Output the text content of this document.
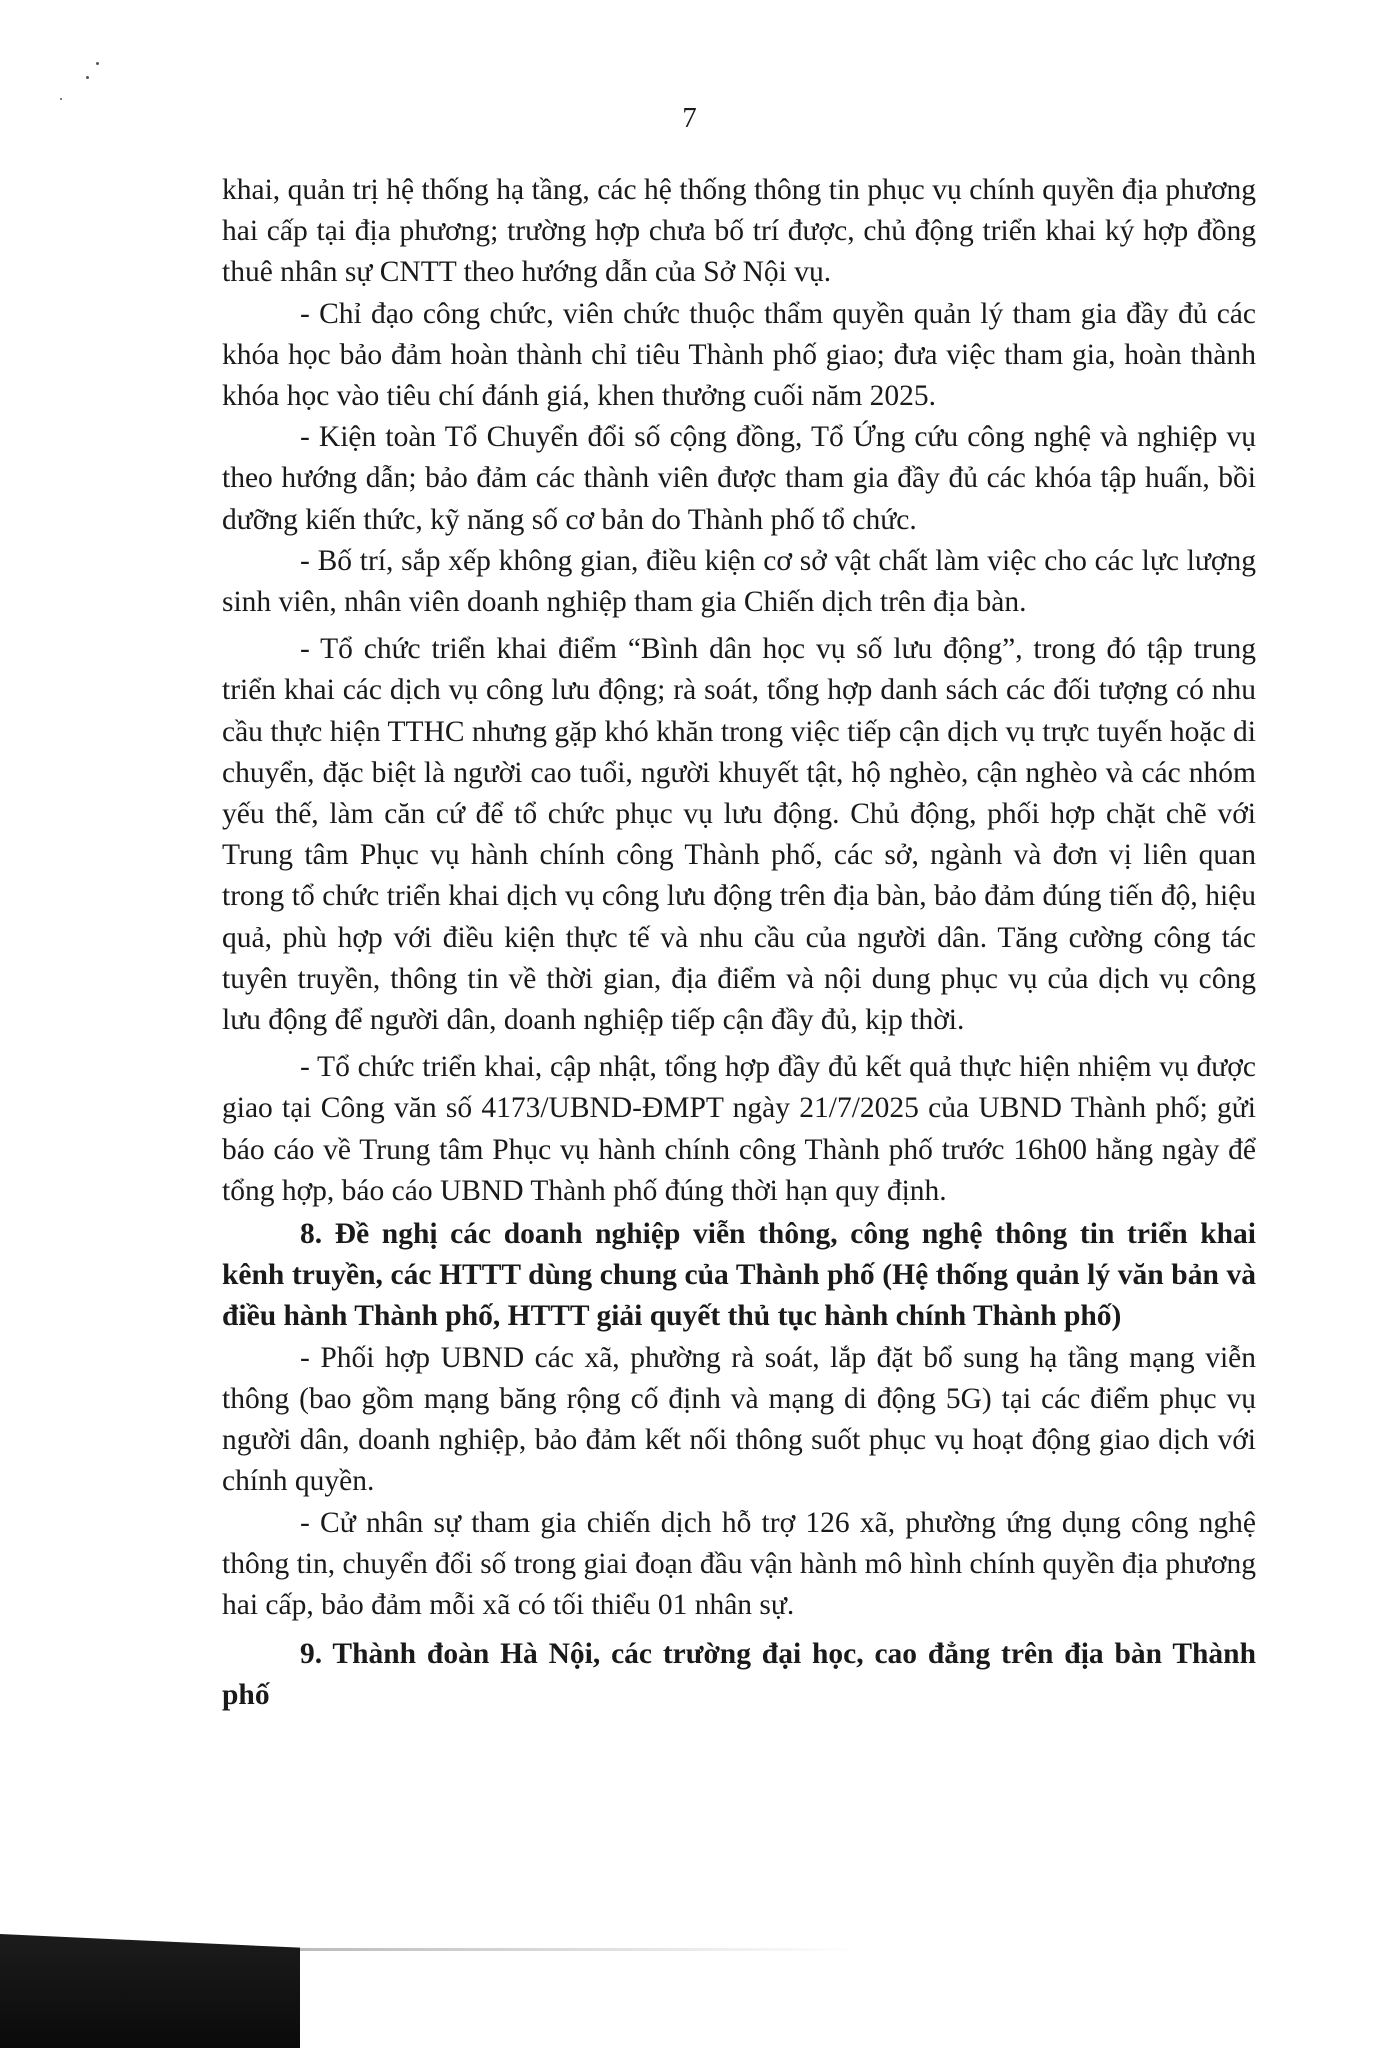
7

khai, quản trị hệ thống hạ tầng, các hệ thống thông tin phục vụ chính quyền địa phương hai cấp tại địa phương; trường hợp chưa bố trí được, chủ động triển khai ký hợp đồng thuê nhân sự CNTT theo hướng dẫn của Sở Nội vụ.

- Chỉ đạo công chức, viên chức thuộc thẩm quyền quản lý tham gia đầy đủ các khóa học bảo đảm hoàn thành chỉ tiêu Thành phố giao; đưa việc tham gia, hoàn thành khóa học vào tiêu chí đánh giá, khen thưởng cuối năm 2025.

- Kiện toàn Tổ Chuyển đổi số cộng đồng, Tổ Ứng cứu công nghệ và nghiệp vụ theo hướng dẫn; bảo đảm các thành viên được tham gia đầy đủ các khóa tập huấn, bồi dưỡng kiến thức, kỹ năng số cơ bản do Thành phố tổ chức.

- Bố trí, sắp xếp không gian, điều kiện cơ sở vật chất làm việc cho các lực lượng sinh viên, nhân viên doanh nghiệp tham gia Chiến dịch trên địa bàn.

- Tổ chức triển khai điểm “Bình dân học vụ số lưu động”, trong đó tập trung triển khai các dịch vụ công lưu động; rà soát, tổng hợp danh sách các đối tượng có nhu cầu thực hiện TTHC nhưng gặp khó khăn trong việc tiếp cận dịch vụ trực tuyến hoặc di chuyển, đặc biệt là người cao tuổi, người khuyết tật, hộ nghèo, cận nghèo và các nhóm yếu thế, làm căn cứ để tổ chức phục vụ lưu động. Chủ động, phối hợp chặt chẽ với Trung tâm Phục vụ hành chính công Thành phố, các sở, ngành và đơn vị liên quan trong tổ chức triển khai dịch vụ công lưu động trên địa bàn, bảo đảm đúng tiến độ, hiệu quả, phù hợp với điều kiện thực tế và nhu cầu của người dân. Tăng cường công tác tuyên truyền, thông tin về thời gian, địa điểm và nội dung phục vụ của dịch vụ công lưu động để người dân, doanh nghiệp tiếp cận đầy đủ, kịp thời.

- Tổ chức triển khai, cập nhật, tổng hợp đầy đủ kết quả thực hiện nhiệm vụ được giao tại Công văn số 4173/UBND-ĐMPT ngày 21/7/2025 của UBND Thành phố; gửi báo cáo về Trung tâm Phục vụ hành chính công Thành phố trước 16h00 hằng ngày để tổng hợp, báo cáo UBND Thành phố đúng thời hạn quy định.

8. Đề nghị các doanh nghiệp viễn thông, công nghệ thông tin triển khai kênh truyền, các HTTT dùng chung của Thành phố (Hệ thống quản lý văn bản và điều hành Thành phố, HTTT giải quyết thủ tục hành chính Thành phố)

- Phối hợp UBND các xã, phường rà soát, lắp đặt bổ sung hạ tầng mạng viễn thông (bao gồm mạng băng rộng cố định và mạng di động 5G) tại các điểm phục vụ người dân, doanh nghiệp, bảo đảm kết nối thông suốt phục vụ hoạt động giao dịch với chính quyền.

- Cử nhân sự tham gia chiến dịch hỗ trợ 126 xã, phường ứng dụng công nghệ thông tin, chuyển đổi số trong giai đoạn đầu vận hành mô hình chính quyền địa phương hai cấp, bảo đảm mỗi xã có tối thiểu 01 nhân sự.

9. Thành đoàn Hà Nội, các trường đại học, cao đẳng trên địa bàn Thành phố
